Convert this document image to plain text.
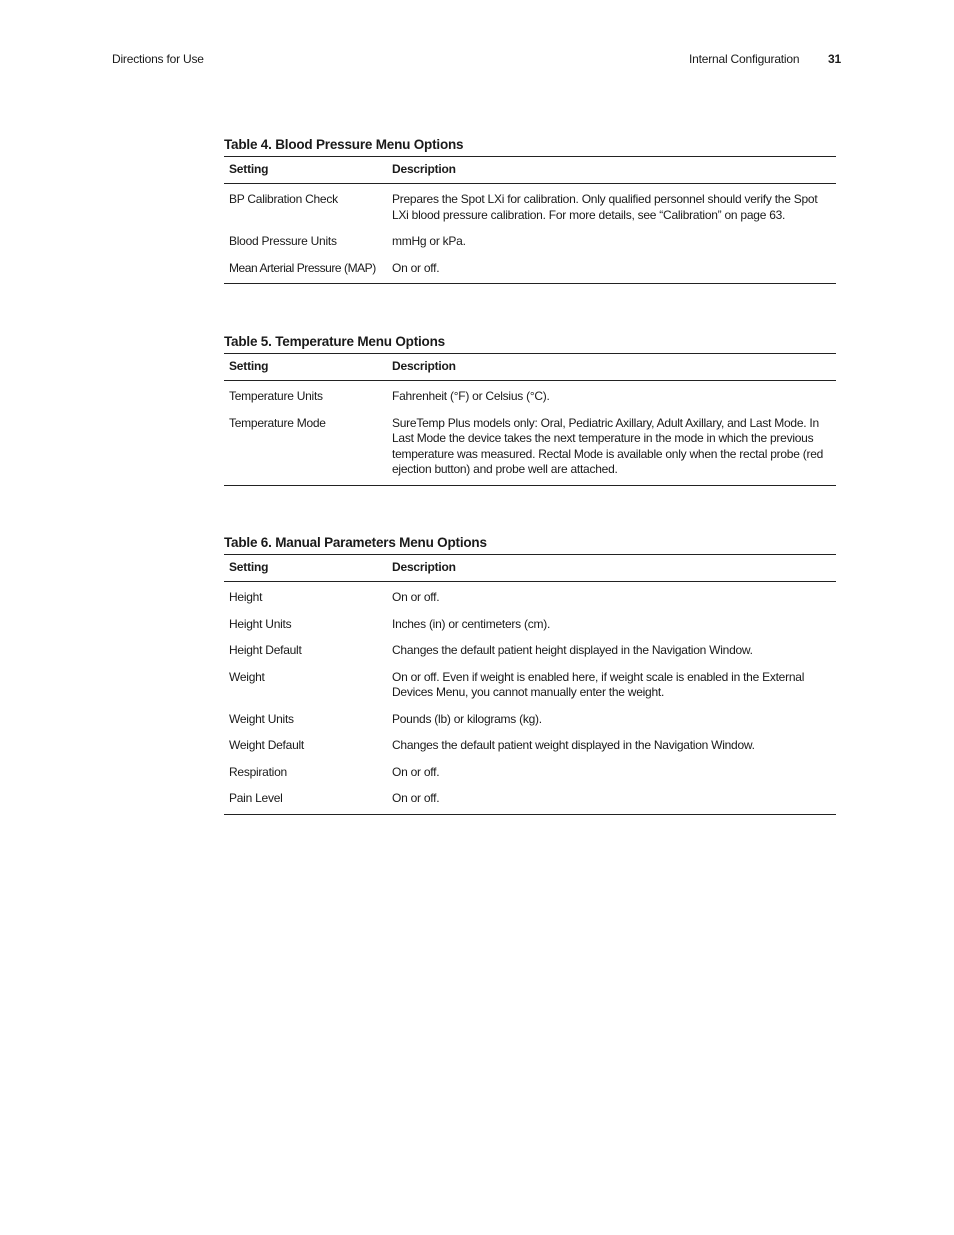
Directions for Use	Internal Configuration 31
Table 4. Blood Pressure Menu Options
Setting	Description
BP Calibration Check	Prepares the Spot LXi for calibration. Only qualified personnel should verify the Spot LXi blood pressure calibration. For more details, see “Calibration” on page 63.
Blood Pressure Units	mmHg or kPa.
Mean Arterial Pressure (MAP)	On or off.
Table 5. Temperature Menu Options
Setting	Description
Temperature Units	Fahrenheit (°F) or Celsius (°C).
Temperature Mode	SureTemp Plus models only: Oral, Pediatric Axillary, Adult Axillary, and Last Mode. In Last Mode the device takes the next temperature in the mode in which the previous temperature was measured. Rectal Mode is available only when the rectal probe (red ejection button) and probe well are attached.
Table 6. Manual Parameters Menu Options
Setting	Description
Height	On or off.
Height Units	Inches (in) or centimeters (cm).
Height Default	Changes the default patient height displayed in the Navigation Window.
Weight	On or off. Even if weight is enabled here, if weight scale is enabled in the External Devices Menu, you cannot manually enter the weight.
Weight Units	Pounds (lb) or kilograms (kg).
Weight Default	Changes the default patient weight displayed in the Navigation Window.
Respiration	On or off.
Pain Level	On or off.
